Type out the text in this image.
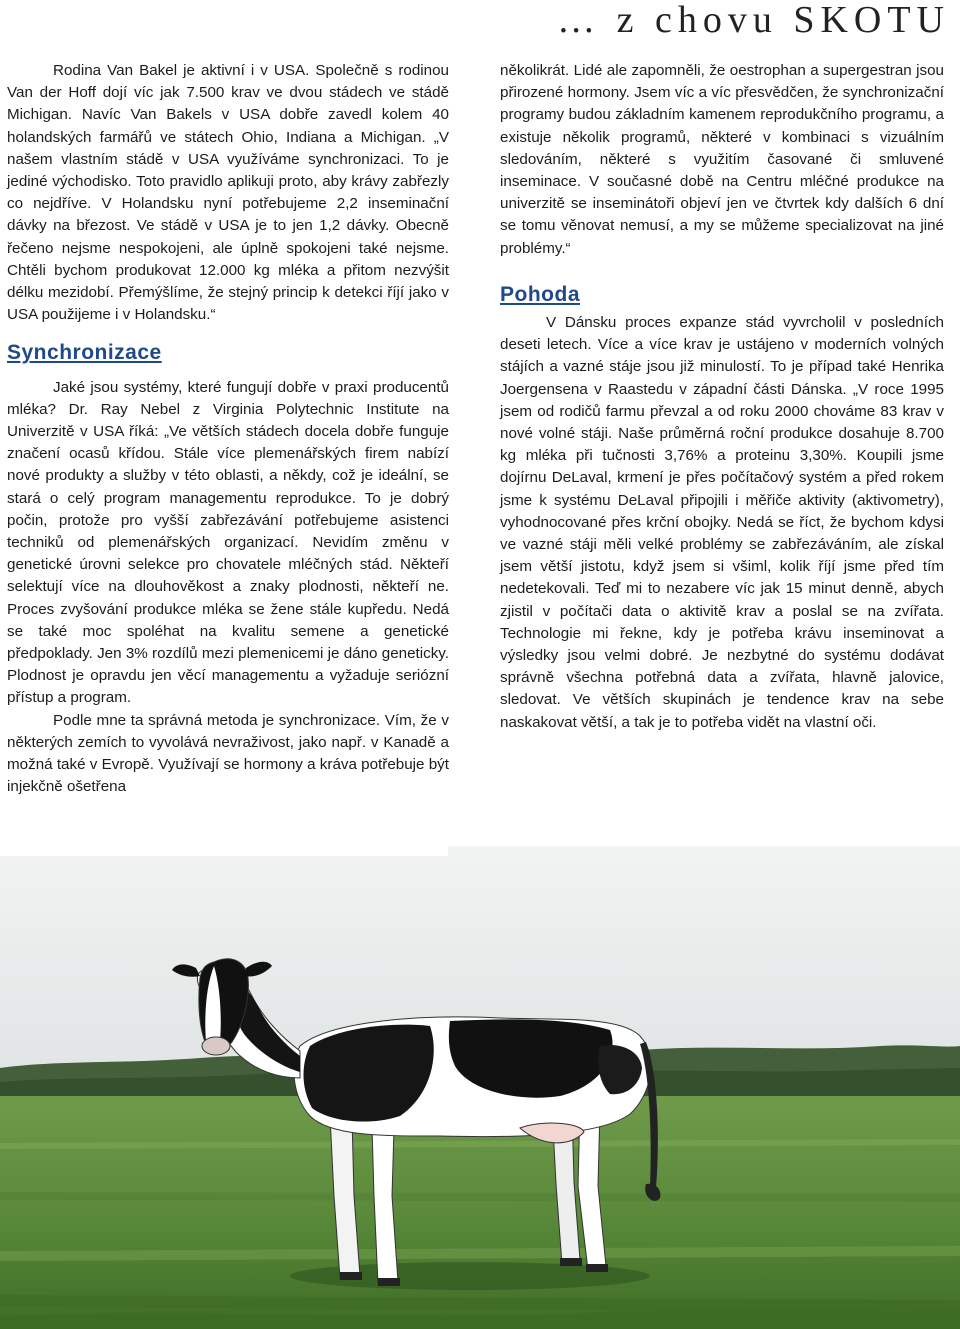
… z chovu SKOTU

Rodina Van Bakel je aktivní i v USA. Společně s rodinou Van der Hoff dojí víc jak 7.500 krav ve dvou stádech ve stádě Michigan. Navíc Van Bakels v USA dobře zavedl kolem 40 holandských farmářů ve státech Ohio, Indiana a Michigan. „V našem vlastním stádě v USA využíváme synchronizaci. To je jediné východisko. Toto pravidlo aplikuji proto, aby krávy zabřezly co nejdříve. V Holandsku nyní potřebujeme 2,2 inseminační dávky na březost. Ve stádě v USA je to jen 1,2 dávky. Obecně řečeno nejsme nespokojeni, ale úplně spokojeni také nejsme. Chtěli bychom produkovat 12.000 kg mléka a přitom nezvýšit délku mezidobí. Přemýšlíme, že stejný princip k detekci říjí jako v USA použijeme i v Holandsku.“

Synchronizace

Jaké jsou systémy, které fungují dobře v praxi producentů mléka? Dr. Ray Nebel z Virginia Polytechnic Institute na Univerzitě v USA říká: „Ve větších stádech docela dobře funguje značení ocasů křídou. Stále více plemenářských firem nabízí nové produkty a služby v této oblasti, a někdy, což je ideální, se stará o celý program managementu reprodukce. To je dobrý počin, protože pro vyšší zabřezávání potřebujeme asistenci techniků od plemenářských organizací. Nevidím změnu v genetické úrovni selekce pro chovatele mléčných stád. Někteří selektují více na dlouhověkost a znaky plodnosti, někteří ne. Proces zvyšování produkce mléka se žene stále kupředu. Nedá se také moc spoléhat na kvalitu semene a genetické předpoklady. Jen 3% rozdílů mezi plemenicemi je dáno geneticky. Plodnost je opravdu jen věcí managementu a vyžaduje seriózní přístup a program.

Podle mne ta správná metoda je synchronizace. Vím, že v některých zemích to vyvolává nevraživost, jako např. v Kanadě a možná také v Evropě. Využívají se hormony a kráva potřebuje být injekčně ošetřena

několikrát. Lidé ale zapomněli, že oestrophan a supergestran jsou přirozené hormony. Jsem víc a víc přesvědčen, že synchronizační programy budou základním kamenem reprodukčního programu, a existuje několik programů, některé v kombinaci s vizuálním sledováním, některé s využitím časované či smluvené inseminace. V současné době na Centru mléčné produkce na univerzitě se inseminátoři objeví jen ve čtvrtek kdy dalších 6 dní se tomu věnovat nemusí, a my se můžeme specializovat na jiné problémy.“

Pohoda

V Dánsku proces expanze stád vyvrcholil v posledních deseti letech. Více a více krav je ustájeno v moderních volných stájích a vazné stáje jsou již minulostí. To je případ také Henrika Joergensena v Raastedu v západní části Dánska. „V roce 1995 jsem od rodičů farmu převzal a od roku 2000 chováme 83 krav v nové volné stáji. Naše průměrná roční produkce dosahuje 8.700 kg mléka při tučnosti 3,76% a proteinu 3,30%. Koupili jsme dojírnu DeLaval, krmení je přes počítačový systém a před rokem jsme k systému DeLaval připojili i měřiče aktivity (aktivometry), vyhodnocované přes krční obojky. Nedá se říct, že bychom kdysi ve vazné stáji měli velké problémy se zabřezáváním, ale získal jsem větší jistotu, když jsem si všiml, kolik říjí jsme před tím nedetekovali. Teď mi to nezabere víc jak 15 minut denně, abych zjistil v počítači data o aktivitě krav a poslal se na zvířata. Technologie mi řekne, kdy je potřeba krávu inseminovat a výsledky jsou velmi dobré. Je nezbytné do systému dodávat správně všechna potřebná data a zvířata, hlavně jalovice, sledovat. Ve větších skupinách je tendence krav na sebe naskakovat větší, a tak je to potřeba vidět na vlastní oči.
